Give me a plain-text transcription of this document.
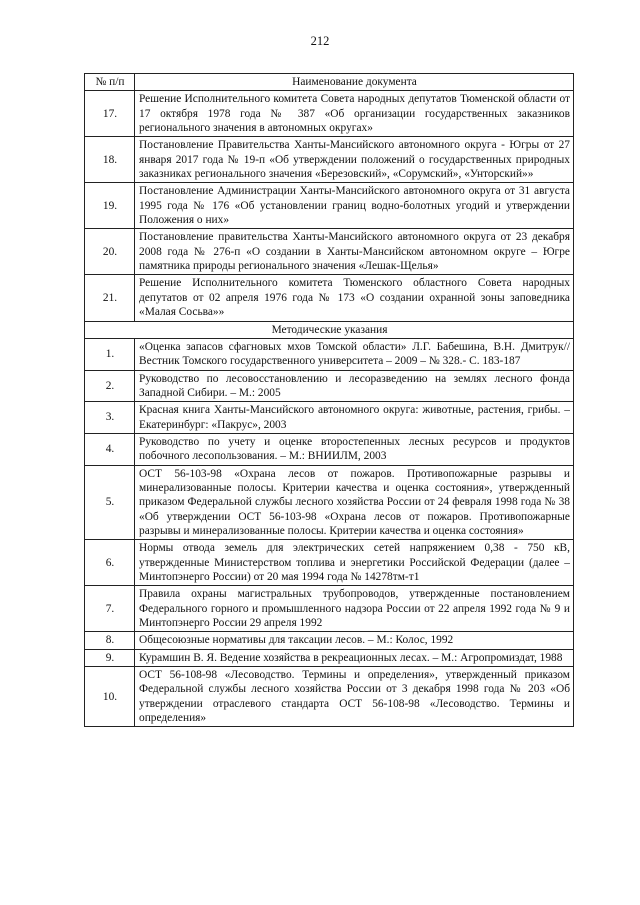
212
№ п/п	Наименование документа
17.	Решение Исполнительного комитета Совета народных депутатов Тюменской области от 17 октября 1978 года № 387 «Об организации государственных заказников регионального значения в автономных округах»
18.	Постановление Правительства Ханты-Мансийского автономного округа - Югры от 27 января 2017 года № 19-п «Об утверждении положений о государственных природных заказниках регионального значения «Березовский», «Сорумский», «Унторский»»
19.	Постановление Администрации Ханты-Мансийского автономного округа от 31 августа 1995 года № 176 «Об установлении границ водно-болотных угодий и утверждении Положения о них»
20.	Постановление правительства Ханты-Мансийского автономного округа от 23 декабря 2008 года № 276-п «О создании в Ханты-Мансийском автономном округе – Югре памятника природы регионального значения «Лешак-Щелья»
21.	Решение Исполнительного комитета Тюменского областного Совета народных депутатов от 02 апреля 1976 года № 173 «О создании охранной зоны заповедника «Малая Сосьва»»
Методические указания	
1.	«Оценка запасов сфагновых мхов Томской области» Л.Г. Бабешина, В.Н. Дмитрук// Вестник Томского государственного университета – 2009 – № 328.- С. 183-187
2.	Руководство по лесовосстановлению и лесоразведению на землях лесного фонда Западной Сибири. – М.: 2005
3.	Красная книга Ханты-Мансийского автономного округа: животные, растения, грибы. – Екатеринбург: «Пакрус», 2003
4.	Руководство по учету и оценке второстепенных лесных ресурсов и продуктов побочного лесопользования. – М.: ВНИИЛМ, 2003
5.	ОСТ 56-103-98 «Охрана лесов от пожаров. Противопожарные разрывы и минерализованные полосы. Критерии качества и оценка состояния», утвержденный приказом Федеральной службы лесного хозяйства России от 24 февраля 1998 года № 38 «Об утверждении ОСТ 56-103-98 «Охрана лесов от пожаров. Противопожарные разрывы и минерализованные полосы. Критерии качества и оценка состояния»
6.	Нормы отвода земель для электрических сетей напряжением 0,38 - 750 кВ, утвержденные Министерством топлива и энергетики Российской Федерации (далее – Минтопэнерго России) от 20 мая 1994 года № 14278тм-т1
7.	Правила охраны магистральных трубопроводов, утвержденные постановлением Федерального горного и промышленного надзора России от 22 апреля 1992 года № 9 и Минтопэнерго России 29 апреля 1992
8.	Общесоюзные нормативы для таксации лесов. – М.: Колос, 1992
9.	Курамшин В. Я. Ведение хозяйства в рекреационных лесах. – М.: Агропромиздат, 1988
10.	ОСТ 56-108-98 «Лесоводство. Термины и определения», утвержденный приказом Федеральной службы лесного хозяйства России от 3 декабря 1998 года № 203 «Об утверждении отраслевого стандарта ОСТ 56-108-98 «Лесоводство. Термины и определения»
